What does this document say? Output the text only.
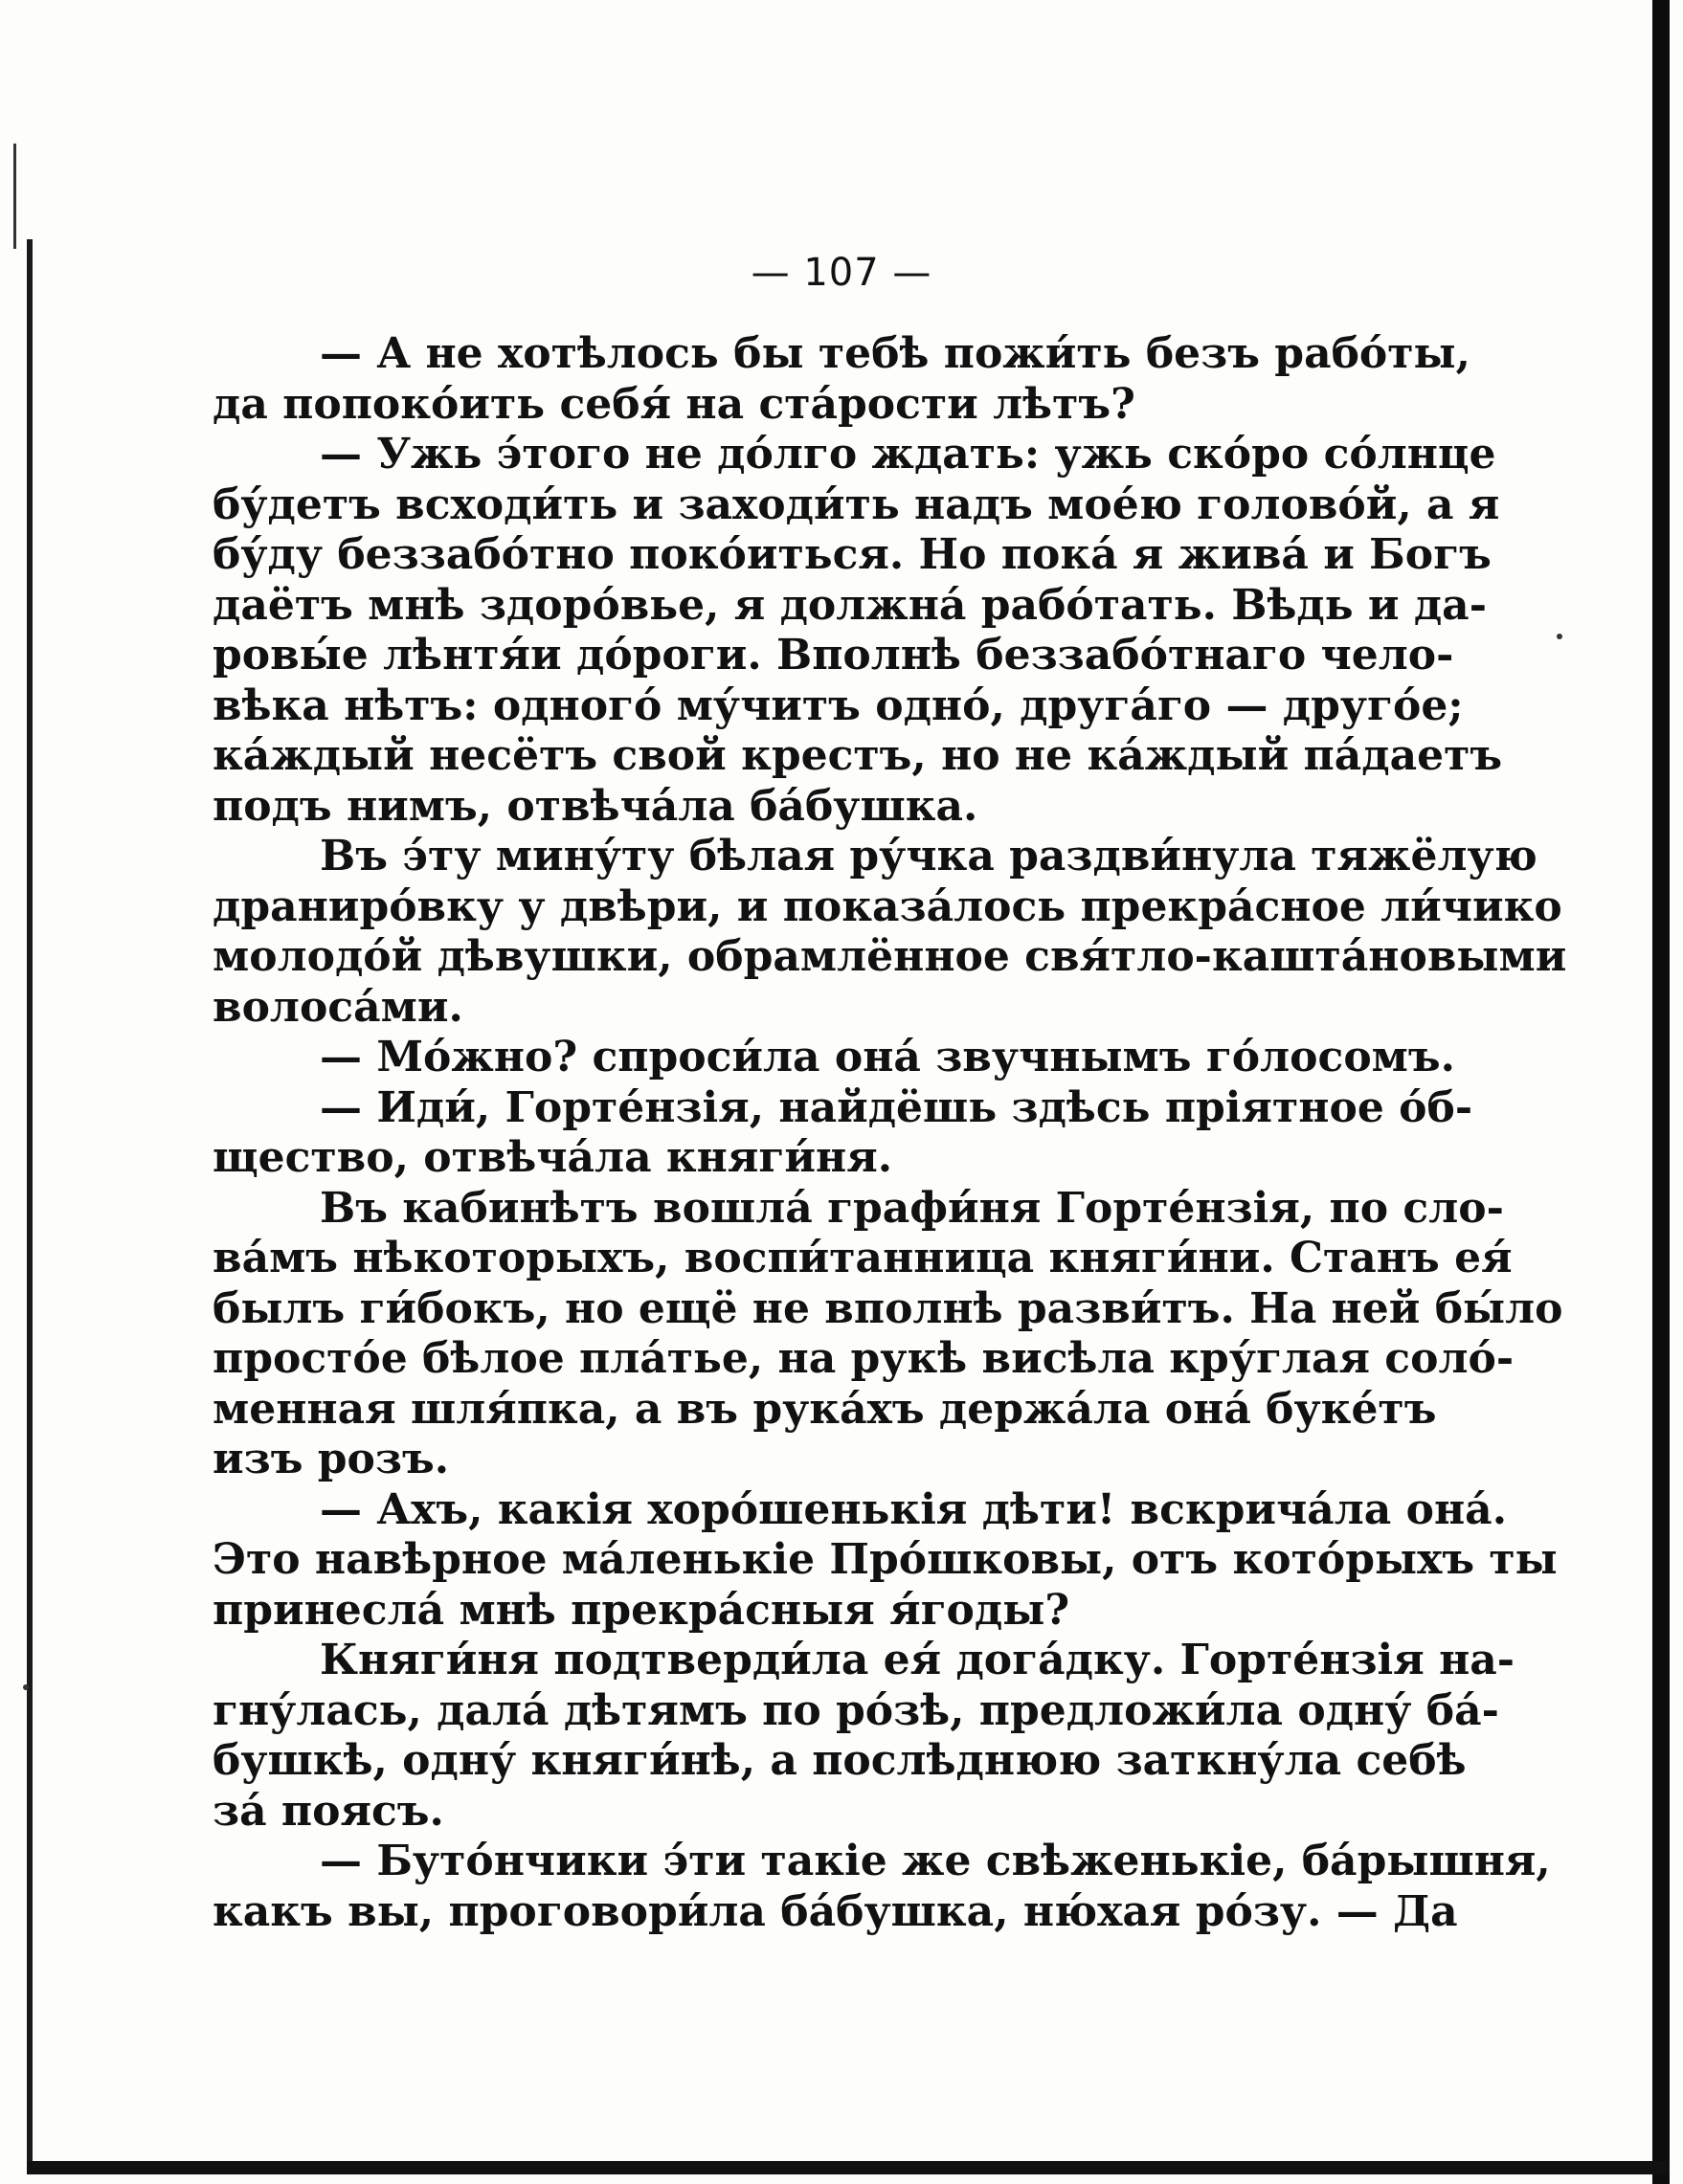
— 107 —
— А не хотѣлось бы тебѣ пожи́ть безъ рабо́ты,
да попоко́ить себя́ на ста́рости лѣтъ?
— Ужь э́того не до́лго ждать: ужь ско́ро со́лнце
бу́детъ всходи́ть и заходи́ть надъ мое́ю голово́й, а я
бу́ду беззабо́тно поко́иться. Но пока́ я жива́ и Богъ
даётъ мнѣ здоро́вье, я должна́ рабо́тать. Вѣдь и да-
ровы́е лѣнтя́и до́роги. Вполнѣ беззабо́тнаго чело-
вѣка нѣтъ: одного́ му́читъ одно́, друга́го — друго́е;
ка́ждый несётъ свой крестъ, но не ка́ждый па́даетъ
подъ нимъ, отвѣча́ла ба́бушка.
Въ э́ту мину́ту бѣлая ру́чка раздви́нула тяжёлую
драниро́вку у двѣри, и показа́лось прекра́сное ли́чико
молодо́й дѣвушки, обрамлённое свя́тло-кашта́новыми
волоса́ми.
— Мо́жно? спроси́ла она́ звучнымъ го́лосомъ.
— Иди́, Горте́нзія, найдёшь здѣсь пріятное о́б-
щество, отвѣча́ла княги́ня.
Въ кабинѣтъ вошла́ графи́ня Горте́нзія, по сло-
ва́мъ нѣкоторыхъ, воспи́танница княги́ни. Станъ ея́
былъ ги́бокъ, но ещё не вполнѣ разви́тъ. На ней бы́ло
просто́е бѣлое пла́тье, на рукѣ висѣла кру́глая соло́-
менная шля́пка, а въ рука́хъ держа́ла она́ буке́тъ
изъ розъ.
— Ахъ, какія хоро́шенькія дѣти! вскрича́ла она́.
Это навѣрное ма́ленькіе Про́шковы, отъ кото́рыхъ ты
принесла́ мнѣ прекра́сныя я́годы?
Княги́ня подтверди́ла ея́ дога́дку. Горте́нзія на-
гну́лась, дала́ дѣтямъ по ро́зѣ, предложи́ла одну́ ба́-
бушкѣ, одну́ княги́нѣ, а послѣднюю заткну́ла себѣ
за́ поясъ.
— Буто́нчики э́ти такіе же свѣженькіе, ба́рышня,
какъ вы, проговори́ла ба́бушка, ню́хая ро́зу. — Да
